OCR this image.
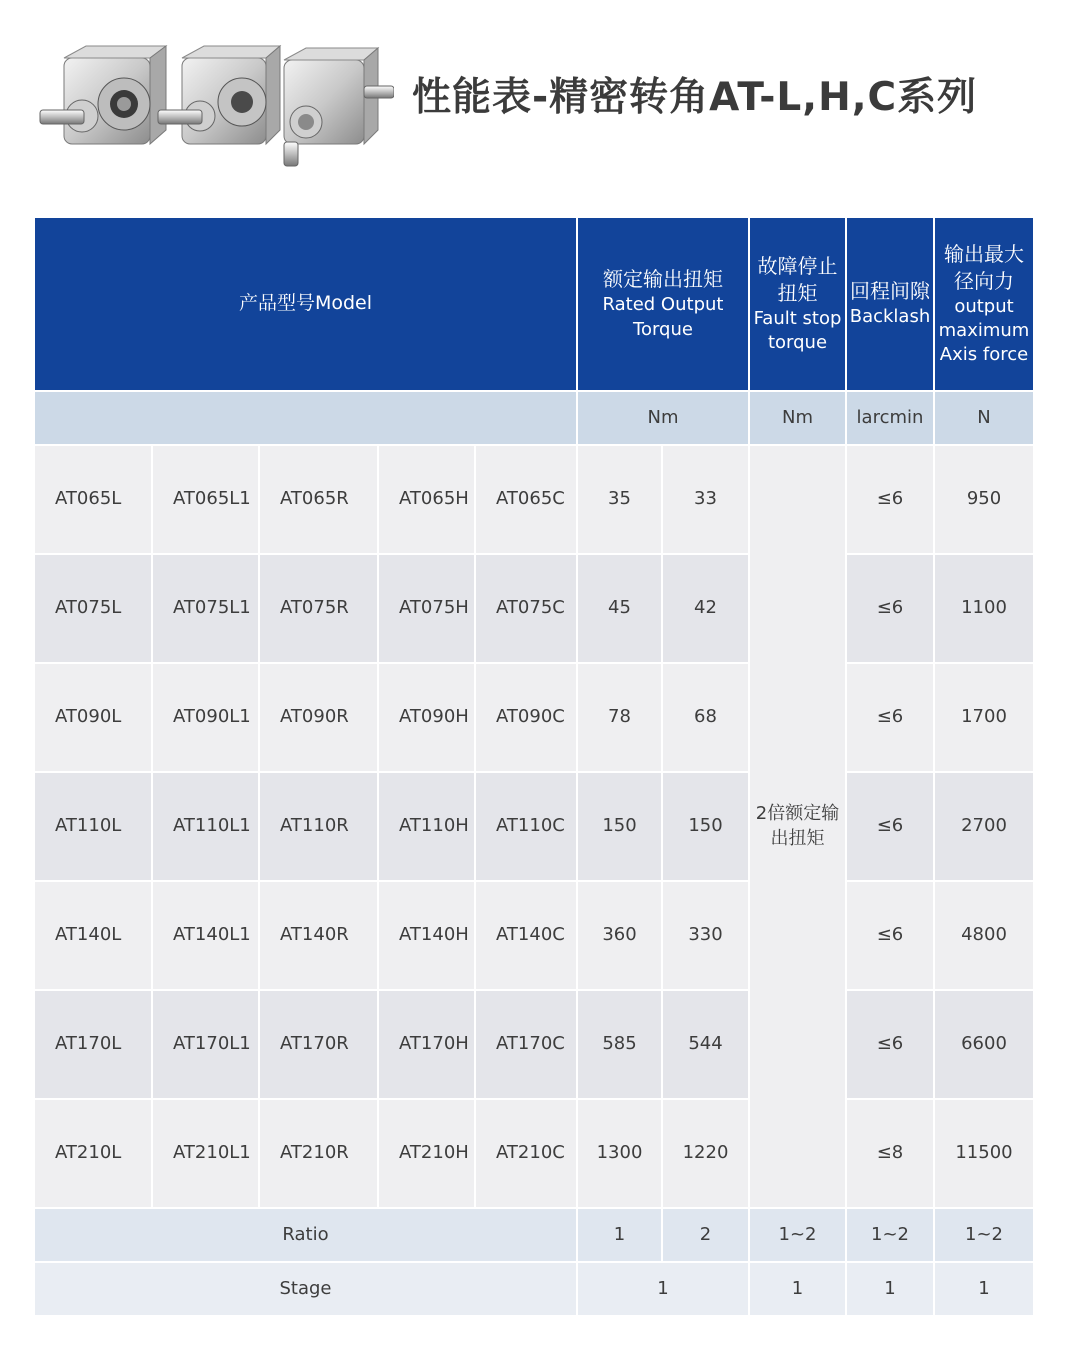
性能表-精密转角AT-L,H,C系列
产品型号Model					额定输出扭矩
Rated Output
Torque		故障停止
扭矩
Fault stop
torque	回程间隙
Backlash	输出最大
径向力
output
maximum
Axis force

					Nm		Nm	larcmin	N
AT065L	AT065L1	AT065R	AT065H	AT065C	35	33	2倍额定输
出扭矩	≤6	950
AT075L	AT075L1	AT075R	AT075H	AT075C	45	42		≤6	1100
AT090L	AT090L1	AT090R	AT090H	AT090C	78	68		≤6	1700
AT110L	AT110L1	AT110R	AT110H	AT110C	150	150		≤6	2700
AT140L	AT140L1	AT140R	AT140H	AT140C	360	330		≤6	4800
AT170L	AT170L1	AT170R	AT170H	AT170C	585	544		≤6	6600
AT210L	AT210L1	AT210R	AT210H	AT210C	1300	1220		≤8	11500
Ratio					1	2	1~2	1~2	1~2
Stage					1		1	1	1
